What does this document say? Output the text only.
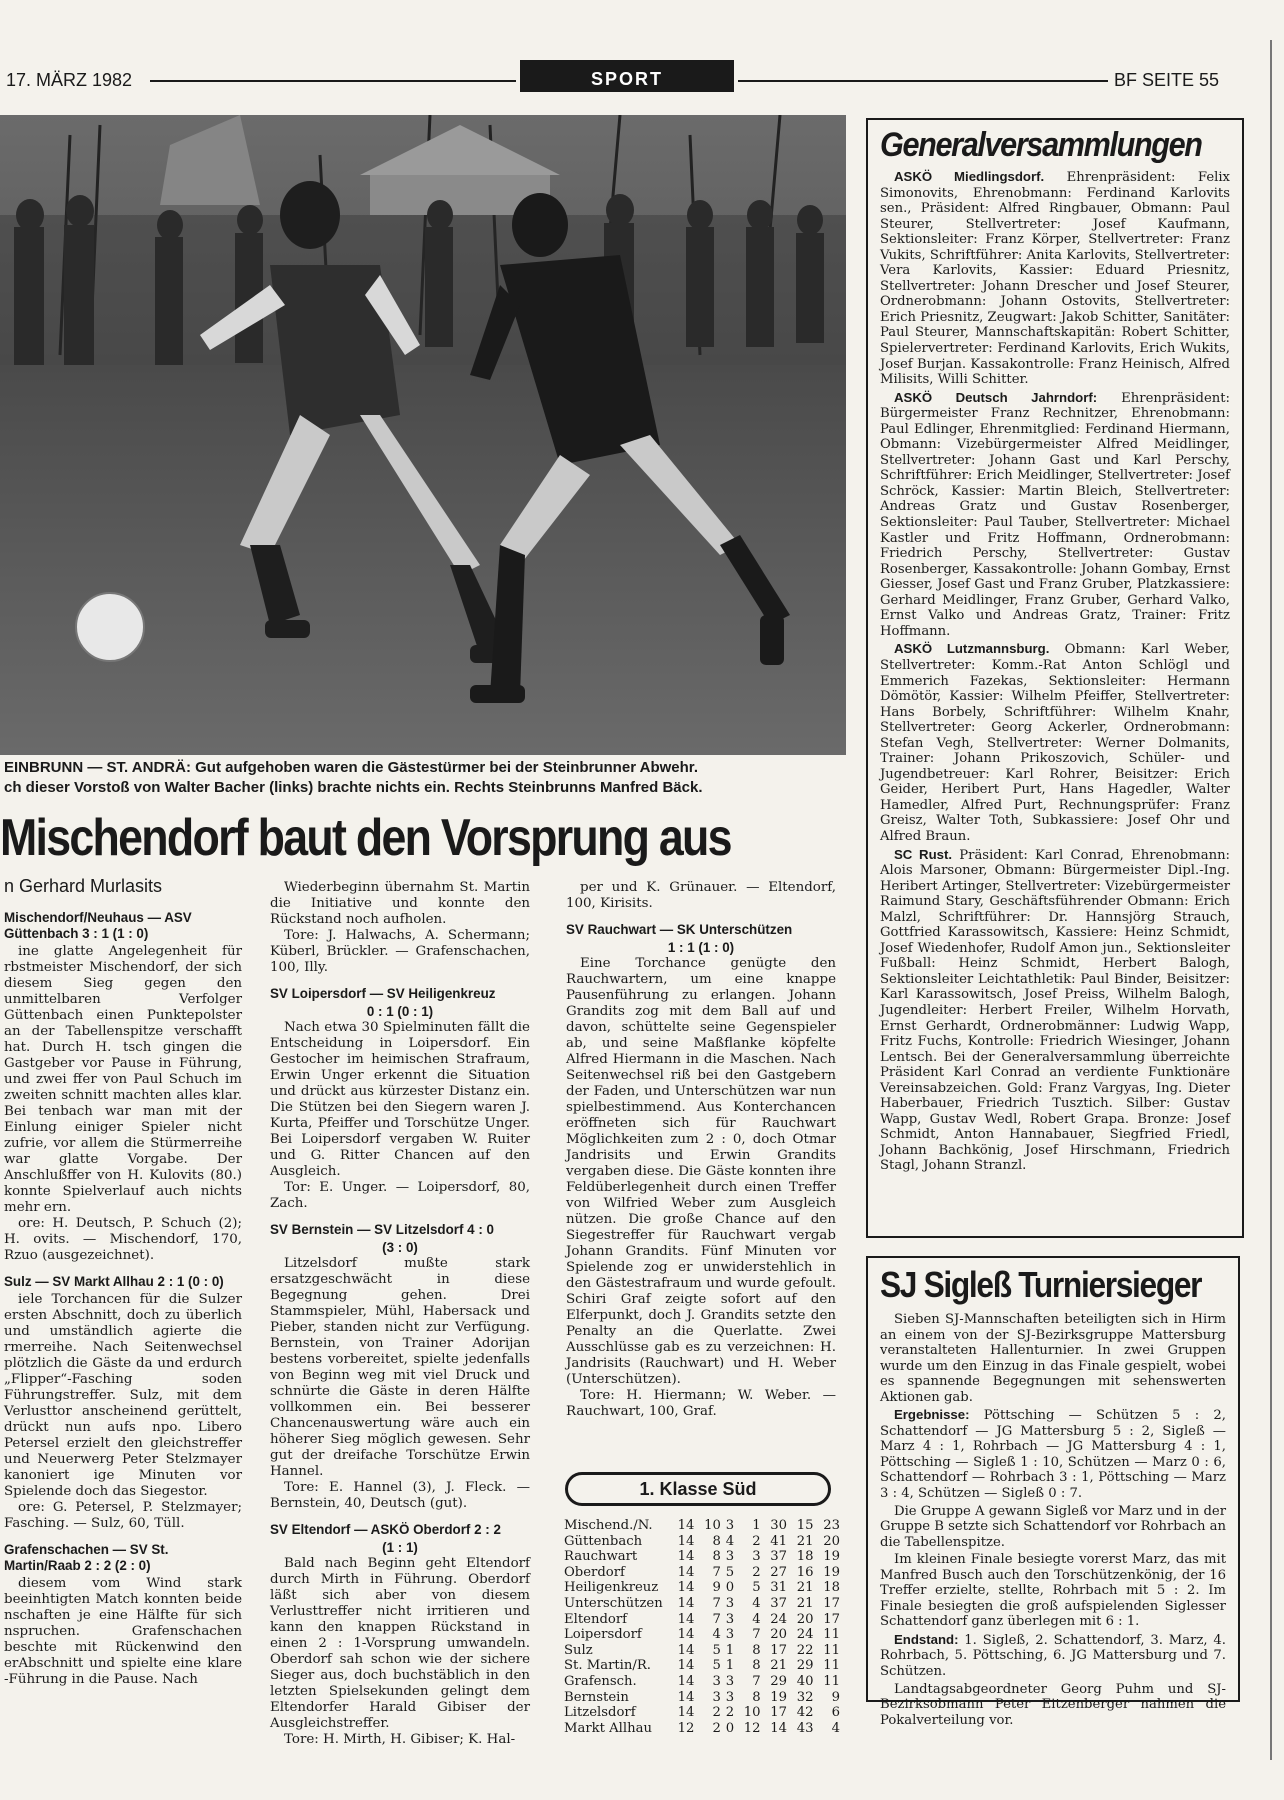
17. MÄRZ 1982	SPORT	BF SEITE 55
EINBRUNN — ST. ANDRÄ: Gut aufgehoben waren die Gästestürmer bei der Steinbrunner Abwehr.
ch dieser Vorstoß von Walter Bacher (links) brachte nichts ein. Rechts Steinbrunns Manfred Bäck.
Mischendorf baut den Vorsprung aus
n Gerhard Murlasits

Mischendorf/Neuhaus — ASV Güttenbach 3 : 1 (1 : 0)

ine glatte Angelegenheit für rbstmeister Mischendorf, der sich diesem Sieg gegen den unmittelbaren Verfolger Güttenbach einen Punktepolster an der Tabellenspitze verschafft hat. Durch H. tsch gingen die Gastgeber vor Pause in Führung, und zwei ffer von Paul Schuch im zweiten schnitt machten alles klar. Bei tenbach war man mit der Einlung einiger Spieler nicht zufrie, vor allem die Stürmerreihe war glatte Vorgabe. Der Anschlußffer von H. Kulovits (80.) konnte Spielverlauf auch nichts mehr ern.

ore: H. Deutsch, P. Schuch (2); H. ovits. — Mischendorf, 170, Rzuo (ausgezeichnet).

Sulz — SV Markt Allhau 2 : 1 (0 : 0)

iele Torchancen für die Sulzer ersten Abschnitt, doch zu überlich und umständlich agierte die rmerreihe. Nach Seitenwechsel plötzlich die Gäste da und erdurch „Flipper“-Fasching soden Führungstreffer. Sulz, mit dem Verlusttor anscheinend gerüttelt, drückt nun aufs npo. Libero Petersel erzielt den gleichstreffer und Neuerwerg Peter Stelzmayer kanoniert ige Minuten vor Spielende doch das Siegestor.

ore: G. Petersel, P. Stelzmayer; Fasching. — Sulz, 60, Tüll.

Grafenschachen — SV St. Martin/Raab 2 : 2 (2 : 0)

diesem vom Wind stark beeinhtigten Match konnten beide nschaften je eine Hälfte für sich nspruchen. Grafenschachen beschte mit Rückenwind den erAbschnitt und spielte eine klare -Führung in die Pause. Nach

Wiederbeginn übernahm St. Martin die Initiative und konnte den Rückstand noch aufholen.

Tore: J. Halwachs, A. Schermann; Küberl, Brückler. — Grafenschachen, 100, Illy.

SV Loipersdorf — SV Heiligenkreuz

0 : 1 (0 : 1)

Nach etwa 30 Spielminuten fällt die Entscheidung in Loipersdorf. Ein Gestocher im heimischen Strafraum, Erwin Unger erkennt die Situation und drückt aus kürzester Distanz ein. Die Stützen bei den Siegern waren J. Kurta, Pfeiffer und Torschütze Unger. Bei Loipersdorf vergaben W. Ruiter und G. Ritter Chancen auf den Ausgleich.

Tor: E. Unger. — Loipersdorf, 80, Zach.

SV Bernstein — SV Litzelsdorf 4 : 0

(3 : 0)

Litzelsdorf mußte stark ersatzgeschwächt in diese Begegnung gehen. Drei Stammspieler, Mühl, Habersack und Pieber, standen nicht zur Verfügung. Bernstein, von Trainer Adorijan bestens vorbereitet, spielte jedenfalls von Beginn weg mit viel Druck und schnürte die Gäste in deren Hälfte vollkommen ein. Bei besserer Chancenauswertung wäre auch ein höherer Sieg möglich gewesen. Sehr gut der dreifache Torschütze Erwin Hannel.

Tore: E. Hannel (3), J. Fleck. — Bernstein, 40, Deutsch (gut).

SV Eltendorf — ASKÖ Oberdorf 2 : 2

(1 : 1)

Bald nach Beginn geht Eltendorf durch Mirth in Führung. Oberdorf läßt sich aber von diesem Verlusttreffer nicht irritieren und kann den knappen Rückstand in einen 2 : 1-Vorsprung umwandeln. Oberdorf sah schon wie der sichere Sieger aus, doch buchstäblich in den letzten Spielsekunden gelingt dem Eltendorfer Harald Gibiser der Ausgleichstreffer.

Tore: H. Mirth, H. Gibiser; K. Hal-

per und K. Grünauer. — Eltendorf, 100, Kirisits.

SV Rauchwart — SK Unterschützen

1 : 1 (1 : 0)

Eine Torchance genügte den Rauchwartern, um eine knappe Pausenführung zu erlangen. Johann Grandits zog mit dem Ball auf und davon, schüttelte seine Gegenspieler ab, und seine Maßflanke köpfelte Alfred Hiermann in die Maschen. Nach Seitenwechsel riß bei den Gastgebern der Faden, und Unterschützen war nun spielbestimmend. Aus Konterchancen eröffneten sich für Rauchwart Möglichkeiten zum 2 : 0, doch Otmar Jandrisits und Erwin Grandits vergaben diese. Die Gäste konnten ihre Feldüberlegenheit durch einen Treffer von Wilfried Weber zum Ausgleich nützen. Die große Chance auf den Siegestreffer für Rauchwart vergab Johann Grandits. Fünf Minuten vor Spielende zog er unwiderstehlich in den Gästestrafraum und wurde gefoult. Schiri Graf zeigte sofort auf den Elferpunkt, doch J. Grandits setzte den Penalty an die Querlatte. Zwei Ausschlüsse gab es zu verzeichnen: H. Jandrisits (Rauchwart) und H. Weber (Unterschützen).

Tore: H. Hiermann; W. Weber. — Rauchwart, 100, Graf.

1. Klasse Süd
Mischend./N.	14	10	3	1	30	15	23
Güttenbach	14	8	4	2	41	21	20
Rauchwart	14	8	3	3	37	18	19
Oberdorf	14	7	5	2	27	16	19
Heiligenkreuz	14	9	0	5	31	21	18
Unterschützen	14	7	3	4	37	21	17
Eltendorf	14	7	3	4	24	20	17
Loipersdorf	14	4	3	7	20	24	11
Sulz	14	5	1	8	17	22	11
St. Martin/R.	14	5	1	8	21	29	11
Grafensch.	14	3	3	7	29	40	11
Bernstein	14	3	3	8	19	32	9
Litzelsdorf	14	2	2	10	17	42	6
Markt Allhau	12	2	0	12	14	43	4
Generalversammlungen

ASKÖ Miedlingsdorf. Ehrenpräsident: Felix Simonovits, Ehrenobmann: Ferdinand Karlovits sen., Präsident: Alfred Ringbauer, Obmann: Paul Steurer, Stellvertreter: Josef Kaufmann, Sektionsleiter: Franz Körper, Stellvertreter: Franz Vukits, Schriftführer: Anita Karlovits, Stellvertreter: Vera Karlovits, Kassier: Eduard Priesnitz, Stellvertreter: Johann Drescher und Josef Steurer, Ordnerobmann: Johann Ostovits, Stellvertreter: Erich Priesnitz, Zeugwart: Jakob Schitter, Sanitäter: Paul Steurer, Mannschaftskapitän: Robert Schitter, Spielervertreter: Ferdinand Karlovits, Erich Wukits, Josef Burjan. Kassakontrolle: Franz Heinisch, Alfred Milisits, Willi Schitter.

ASKÖ Deutsch Jahrndorf: Ehrenpräsident: Bürgermeister Franz Rechnitzer, Ehrenobmann: Paul Edlinger, Ehrenmitglied: Ferdinand Hiermann, Obmann: Vizebürgermeister Alfred Meidlinger, Stellvertreter: Johann Gast und Karl Perschy, Schriftführer: Erich Meidlinger, Stellvertreter: Josef Schröck, Kassier: Martin Bleich, Stellvertreter: Andreas Gratz und Gustav Rosenberger, Sektionsleiter: Paul Tauber, Stellvertreter: Michael Kastler und Fritz Hoffmann, Ordnerobmann: Friedrich Perschy, Stellvertreter: Gustav Rosenberger, Kassakontrolle: Johann Gombay, Ernst Giesser, Josef Gast und Franz Gruber, Platzkassiere: Gerhard Meidlinger, Franz Gruber, Gerhard Valko, Ernst Valko und Andreas Gratz, Trainer: Fritz Hoffmann.

ASKÖ Lutzmannsburg. Obmann: Karl Weber, Stellvertreter: Komm.-Rat Anton Schlögl und Emmerich Fazekas, Sektionsleiter: Hermann Dömötör, Kassier: Wilhelm Pfeiffer, Stellvertreter: Hans Borbely, Schriftführer: Wilhelm Knahr, Stellvertreter: Georg Ackerler, Ordnerobmann: Stefan Vegh, Stellvertreter: Werner Dolmanits, Trainer: Johann Prikoszovich, Schüler- und Jugendbetreuer: Karl Rohrer, Beisitzer: Erich Geider, Heribert Purt, Hans Hagedler, Walter Hamedler, Alfred Purt, Rechnungsprüfer: Franz Greisz, Walter Toth, Subkassiere: Josef Ohr und Alfred Braun.

SC Rust. Präsident: Karl Conrad, Ehrenobmann: Alois Marsoner, Obmann: Bürgermeister Dipl.-Ing. Heribert Artinger, Stellvertreter: Vizebürgermeister Raimund Stary, Geschäftsführender Obmann: Erich Malzl, Schriftführer: Dr. Hannsjörg Strauch, Gottfried Karassowitsch, Kassiere: Heinz Schmidt, Josef Wiedenhofer, Rudolf Amon jun., Sektionsleiter Fußball: Heinz Schmidt, Herbert Balogh, Sektionsleiter Leichtathletik: Paul Binder, Beisitzer: Karl Karassowitsch, Josef Preiss, Wilhelm Balogh, Jugendleiter: Herbert Freiler, Wilhelm Horvath, Ernst Gerhardt, Ordnerobmänner: Ludwig Wapp, Fritz Fuchs, Kontrolle: Friedrich Wiesinger, Johann Lentsch. Bei der Generalversammlung überreichte Präsident Karl Conrad an verdiente Funktionäre Vereinsabzeichen. Gold: Franz Vargyas, Ing. Dieter Haberbauer, Friedrich Tusztich. Silber: Gustav Wapp, Gustav Wedl, Robert Grapa. Bronze: Josef Schmidt, Anton Hannabauer, Siegfried Friedl, Johann Bachkönig, Josef Hirschmann, Friedrich Stagl, Johann Stranzl.

SJ Sigleß Turniersieger

Sieben SJ-Mannschaften beteiligten sich in Hirm an einem von der SJ-Bezirksgruppe Mattersburg veranstalteten Hallenturnier. In zwei Gruppen wurde um den Einzug in das Finale gespielt, wobei es spannende Begegnungen mit sehenswerten Aktionen gab.

Ergebnisse: Pöttsching — Schützen 5 : 2, Schattendorf — JG Mattersburg 5 : 2, Sigleß — Marz 4 : 1, Rohrbach — JG Mattersburg 4 : 1, Pöttsching — Sigleß 1 : 10, Schützen — Marz 0 : 6, Schattendorf — Rohrbach 3 : 1, Pöttsching — Marz 3 : 4, Schützen — Sigleß 0 : 7.

Die Gruppe A gewann Sigleß vor Marz und in der Gruppe B setzte sich Schattendorf vor Rohrbach an die Tabellenspitze.

Im kleinen Finale besiegte vorerst Marz, das mit Manfred Busch auch den Torschützenkönig, der 16 Treffer erzielte, stellte, Rohrbach mit 5 : 2. Im Finale besiegten die groß aufspielenden Siglesser Schattendorf ganz überlegen mit 6 : 1.

Endstand: 1. Sigleß, 2. Schattendorf, 3. Marz, 4. Rohrbach, 5. Pöttsching, 6. JG Mattersburg und 7. Schützen.

Landtagsabgeordneter Georg Puhm und SJ-Bezirksobmann Peter Eitzenberger nahmen die Pokalverteilung vor.
